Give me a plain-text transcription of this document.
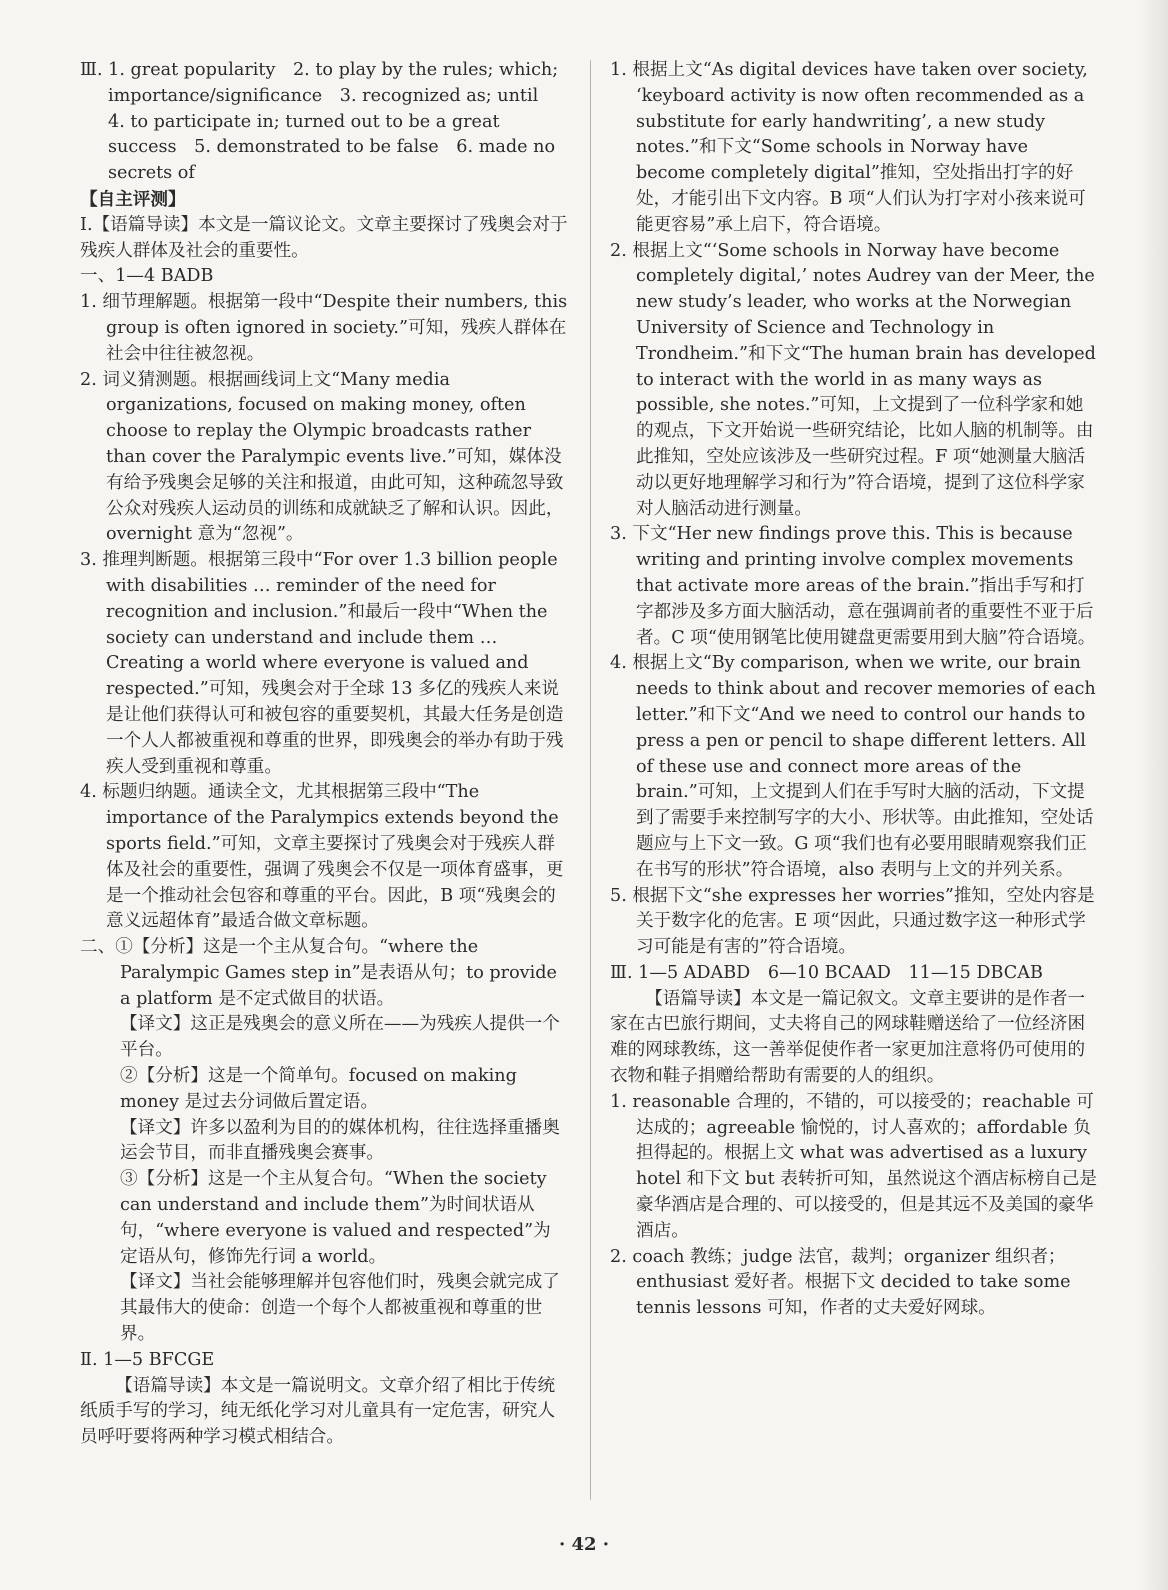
Ⅲ. 1. great popularity　2. to play by the rules; which; importance/significance　3. recognized as; until　4. to participate in; turned out to be a great success　5. demonstrated to be false　6. made no secrets of

【自主评测】

Ⅰ.【语篇导读】本文是一篇议论文。文章主要探讨了残奥会对于残疾人群体及社会的重要性。

一、1—4 BADB

1. 细节理解题。根据第一段中“Despite their numbers, this group is often ignored in society.”可知，残疾人群体在社会中往往被忽视。

2. 词义猜测题。根据画线词上文“Many media organizations, focused on making money, often choose to replay the Olympic broadcasts rather than cover the Paralympic events live.”可知，媒体没有给予残奥会足够的关注和报道，由此可知，这种疏忽导致公众对残疾人运动员的训练和成就缺乏了解和认识。因此，overnight 意为“忽视”。

3. 推理判断题。根据第三段中“For over 1.3 billion people with disabilities … reminder of the need for recognition and inclusion.”和最后一段中“When the society can understand and include them … Creating a world where everyone is valued and respected.”可知，残奥会对于全球 13 多亿的残疾人来说是让他们获得认可和被包容的重要契机，其最大任务是创造一个人人都被重视和尊重的世界，即残奥会的举办有助于残疾人受到重视和尊重。

4. 标题归纳题。通读全文，尤其根据第三段中“The importance of the Paralympics extends beyond the sports field.”可知，文章主要探讨了残奥会对于残疾人群体及社会的重要性，强调了残奥会不仅是一项体育盛事，更是一个推动社会包容和尊重的平台。因此，B 项“残奥会的意义远超体育”最适合做文章标题。

二、①【分析】这是一个主从复合句。“where the Paralympic Games step in”是表语从句；to provide a platform 是不定式做目的状语。

【译文】这正是残奥会的意义所在——为残疾人提供一个平台。

②【分析】这是一个简单句。focused on making money 是过去分词做后置定语。

【译文】许多以盈利为目的的媒体机构，往往选择重播奥运会节目，而非直播残奥会赛事。

③【分析】这是一个主从复合句。“When the society can understand and include them”为时间状语从句，“where everyone is valued and respected”为定语从句，修饰先行词 a world。

【译文】当社会能够理解并包容他们时，残奥会就完成了其最伟大的使命：创造一个每个人都被重视和尊重的世界。

Ⅱ. 1—5 BFCGE

【语篇导读】本文是一篇说明文。文章介绍了相比于传统纸质手写的学习，纯无纸化学习对儿童具有一定危害，研究人员呼吁要将两种学习模式相结合。

1. 根据上文“As digital devices have taken over society, ‘keyboard activity is now often recommended as a substitute for early handwriting’, a new study notes.”和下文“Some schools in Norway have become completely digital”推知，空处指出打字的好处，才能引出下文内容。B 项“人们认为打字对小孩来说可能更容易”承上启下，符合语境。

2. 根据上文“‘Some schools in Norway have become completely digital,’ notes Audrey van der Meer, the new study’s leader, who works at the Norwegian University of Science and Technology in Trondheim.”和下文“The human brain has developed to interact with the world in as many ways as possible, she notes.”可知，上文提到了一位科学家和她的观点，下文开始说一些研究结论，比如人脑的机制等。由此推知，空处应该涉及一些研究过程。F 项“她测量大脑活动以更好地理解学习和行为”符合语境，提到了这位科学家对人脑活动进行测量。

3. 下文“Her new findings prove this. This is because writing and printing involve complex movements that activate more areas of the brain.”指出手写和打字都涉及多方面大脑活动，意在强调前者的重要性不亚于后者。C 项“使用钢笔比使用键盘更需要用到大脑”符合语境。

4. 根据上文“By comparison, when we write, our brain needs to think about and recover memories of each letter.”和下文“And we need to control our hands to press a pen or pencil to shape different letters. All of these use and connect more areas of the brain.”可知，上文提到人们在手写时大脑的活动，下文提到了需要手来控制写字的大小、形状等。由此推知，空处话题应与上下文一致。G 项“我们也有必要用眼睛观察我们正在书写的形状”符合语境，also 表明与上文的并列关系。

5. 根据下文“she expresses her worries”推知，空处内容是关于数字化的危害。E 项“因此，只通过数字这一种形式学习可能是有害的”符合语境。

Ⅲ. 1—5 ADABD　6—10 BCAAD　11—15 DBCAB

【语篇导读】本文是一篇记叙文。文章主要讲的是作者一家在古巴旅行期间，丈夫将自己的网球鞋赠送给了一位经济困难的网球教练，这一善举促使作者一家更加注意将仍可使用的衣物和鞋子捐赠给帮助有需要的人的组织。

1. reasonable 合理的，不错的，可以接受的；reachable 可达成的；agreeable 愉悦的，讨人喜欢的；affordable 负担得起的。根据上文 what was advertised as a luxury hotel 和下文 but 表转折可知，虽然说这个酒店标榜自己是豪华酒店是合理的、可以接受的，但是其远不及美国的豪华酒店。

2. coach 教练；judge 法官，裁判；organizer 组织者；enthusiast 爱好者。根据下文 decided to take some tennis lessons 可知，作者的丈夫爱好网球。

· 42 ·
